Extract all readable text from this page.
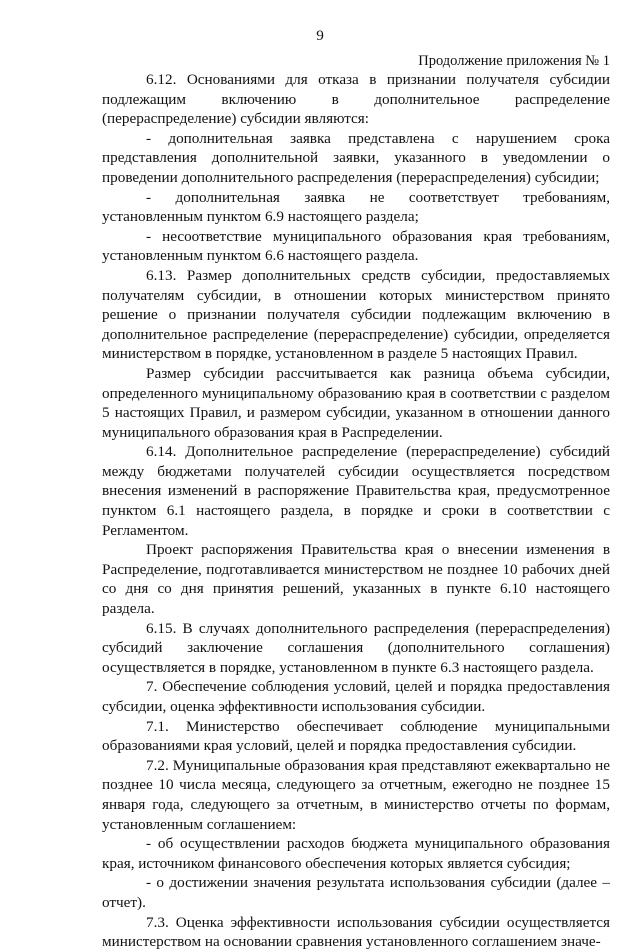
9
Продолжение приложения № 1

6.12. Основаниями для отказа в признании получателя субсидии подлежащим включению в дополнительное распределение (перераспределение) субсидии являются:

- дополнительная заявка представлена с нарушением срока представления дополнительной заявки, указанного в уведомлении о проведении дополнительного распределения (перераспределения) субсидии;

- дополнительная заявка не соответствует требованиям, установленным пунктом 6.9 настоящего раздела;

- несоответствие муниципального образования края требованиям, установленным пунктом 6.6 настоящего раздела.

6.13. Размер дополнительных средств субсидии, предоставляемых получателям субсидии, в отношении которых министерством принято решение о признании получателя субсидии подлежащим включению в дополнительное распределение (перераспределение) субсидии, определяется министерством в порядке, установленном в разделе 5 настоящих Правил.

Размер субсидии рассчитывается как разница объема субсидии, определенного муниципальному образованию края в соответствии с разделом 5 настоящих Правил, и размером субсидии, указанном в отношении данного муниципального образования края в Распределении.

6.14. Дополнительное распределение (перераспределение) субсидий между бюджетами получателей субсидии осуществляется посредством внесения изменений в распоряжение Правительства края, предусмотренное пунктом 6.1 настоящего раздела, в порядке и сроки в соответствии с Регламентом.

Проект распоряжения Правительства края о внесении изменения в Распределение, подготавливается министерством не позднее 10 рабочих дней со дня со дня принятия решений, указанных в пункте 6.10 настоящего раздела.

6.15. В случаях дополнительного распределения (перераспределения) субсидий заключение соглашения (дополнительного соглашения) осуществляется в порядке, установленном в пункте 6.3 настоящего раздела.

7. Обеспечение соблюдения условий, целей и порядка предоставления субсидии, оценка эффективности использования субсидии.

7.1. Министерство обеспечивает соблюдение муниципальными образованиями края условий, целей и порядка предоставления субсидии.

7.2. Муниципальные образования края представляют ежеквартально не позднее 10 числа месяца, следующего за отчетным, ежегодно не позднее 15 января года, следующего за отчетным, в министерство отчеты по формам, установленным соглашением:

- об осуществлении расходов бюджета муниципального образования края, источником финансового обеспечения которых является субсидия;

- о достижении значения результата использования субсидии (далее – отчет).

7.3. Оценка эффективности использования субсидии осуществляется министерством на основании сравнения установленного соглашением значе-
